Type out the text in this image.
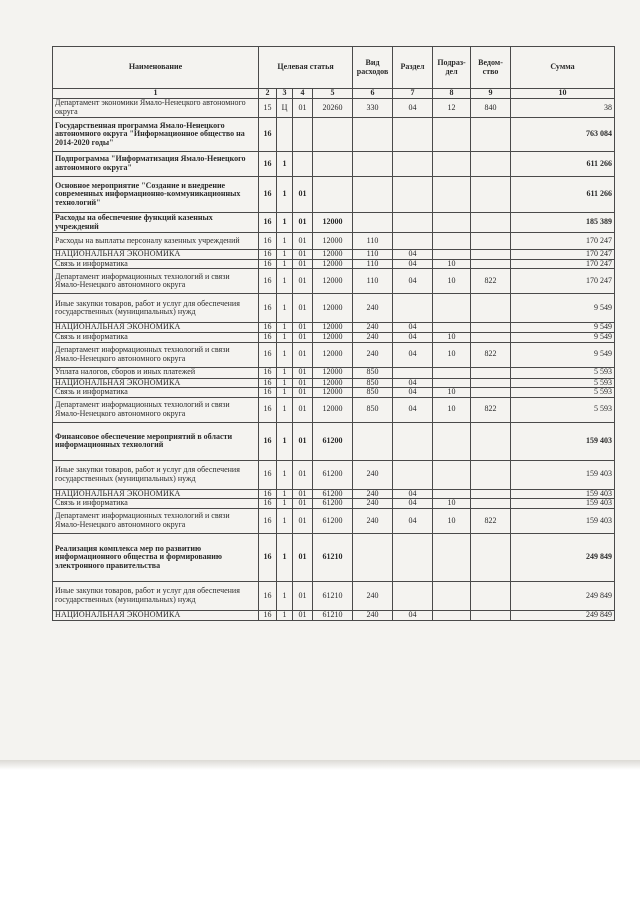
Наименование	Целевая статья				Вид расходов	Раздел	Подраз-дел	Ведом-ство	Сумма
1	2	3	4	5	6	7	8	9	10
Департамент экономики Ямало-Ненецкого автономного округа	15	Ц	01	20260	330	04	12	840	38
Государственная программа Ямало-Ненецкого автономного округа "Информационное общество на 2014-2020 годы"	16								763 084
Подпрограмма "Информатизация Ямало-Ненецкого автономного округа"	16	1							611 266
Основное мероприятие "Создание и внедрение современных информационно-коммуникационных технологий"	16	1	01						611 266
Расходы на обеспечение функций казенных учреждений	16	1	01	12000					185 389
Расходы на выплаты персоналу казенных учреждений	16	1	01	12000	110				170 247
НАЦИОНАЛЬНАЯ ЭКОНОМИКА	16	1	01	12000	110	04			170 247
Связь и информатика	16	1	01	12000	110	04	10		170 247
Департамент информационных технологий и связи Ямало-Ненецкого автономного округа	16	1	01	12000	110	04	10	822	170 247
Иные закупки товаров, работ и услуг для обеспечения государственных (муниципальных) нужд	16	1	01	12000	240				9 549
НАЦИОНАЛЬНАЯ ЭКОНОМИКА	16	1	01	12000	240	04			9 549
Связь и информатика	16	1	01	12000	240	04	10		9 549
Департамент информационных технологий и связи Ямало-Ненецкого автономного округа	16	1	01	12000	240	04	10	822	9 549
Уплата налогов, сборов и иных платежей	16	1	01	12000	850				5 593
НАЦИОНАЛЬНАЯ ЭКОНОМИКА	16	1	01	12000	850	04			5 593
Связь и информатика	16	1	01	12000	850	04	10		5 593
Департамент информационных технологий и связи Ямало-Ненецкого автономного округа	16	1	01	12000	850	04	10	822	5 593
Финансовое обеспечение мероприятий в области информационных технологий	16	1	01	61200					159 403
Иные закупки товаров, работ и услуг для обеспечения государственных (муниципальных) нужд	16	1	01	61200	240				159 403
НАЦИОНАЛЬНАЯ ЭКОНОМИКА	16	1	01	61200	240	04			159 403
Связь и информатика	16	1	01	61200	240	04	10		159 403
Департамент информационных технологий и связи Ямало-Ненецкого автономного округа	16	1	01	61200	240	04	10	822	159 403
Реализация комплекса мер по развитию информационного общества и формированию электронного правительства	16	1	01	61210					249 849
Иные закупки товаров, работ и услуг для обеспечения государственных (муниципальных) нужд	16	1	01	61210	240				249 849
НАЦИОНАЛЬНАЯ ЭКОНОМИКА	16	1	01	61210	240	04			249 849
